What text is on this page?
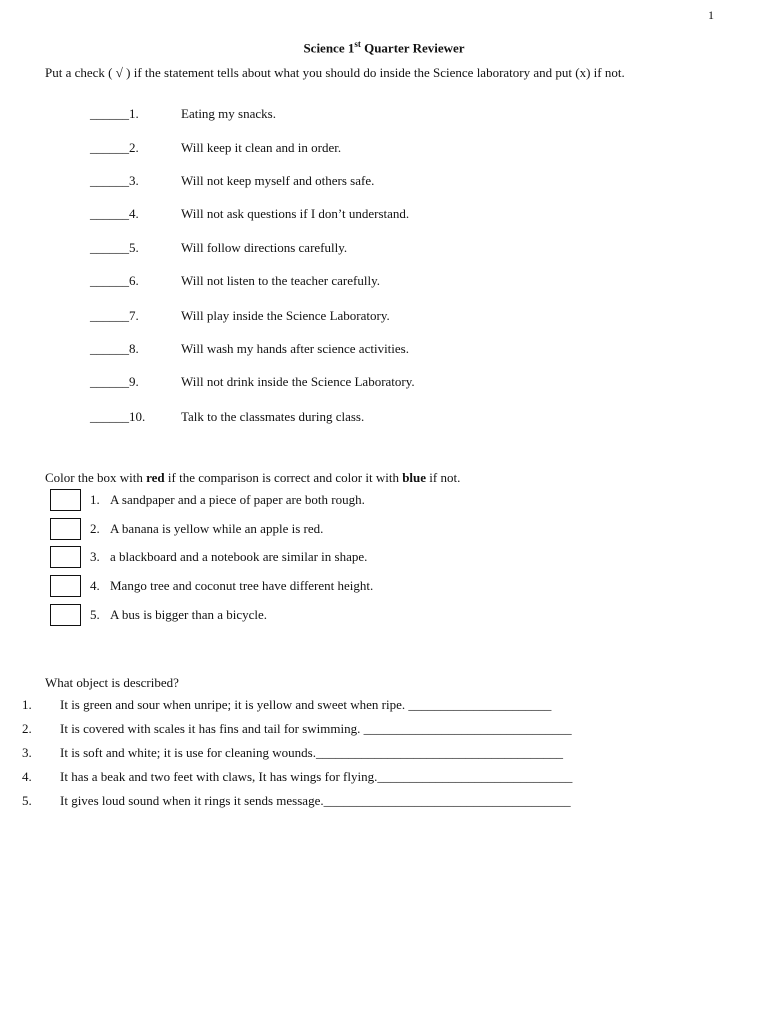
1
Science 1st Quarter Reviewer
Put a check ( √ ) if the statement tells about what you should do inside the Science laboratory and put (x) if not.
______1.	Eating my snacks.
______2.	Will keep it clean and in order.
______3.	Will not keep myself and others safe.
______4.	Will not ask questions if I don’t understand.
______5.	Will follow directions carefully.
______6.	Will not listen to the teacher carefully.
______7.	Will play inside the Science Laboratory.
______8.	Will wash my hands after science activities.
______9.	Will not drink inside the Science Laboratory.
______10.	Talk to the classmates during class.
Color the box with red if the comparison is correct and color it with blue if not.
1. A sandpaper and a piece of paper are both rough.
2. A banana is yellow while an apple is red.
3. a blackboard and a notebook are similar in shape.
4. Mango tree and coconut tree have different height.
5. A bus is bigger than a bicycle.
What object is described?
1. It is green and sour when unripe; it is yellow and sweet when ripe. ______________________
2. It is covered with scales it has fins and tail for swimming. ________________________________
3. It is soft and white; it is use for cleaning wounds.______________________________________
4. It has a beak and two feet with claws, It has wings for flying.______________________________
5. It gives loud sound when it rings it sends message.______________________________________
